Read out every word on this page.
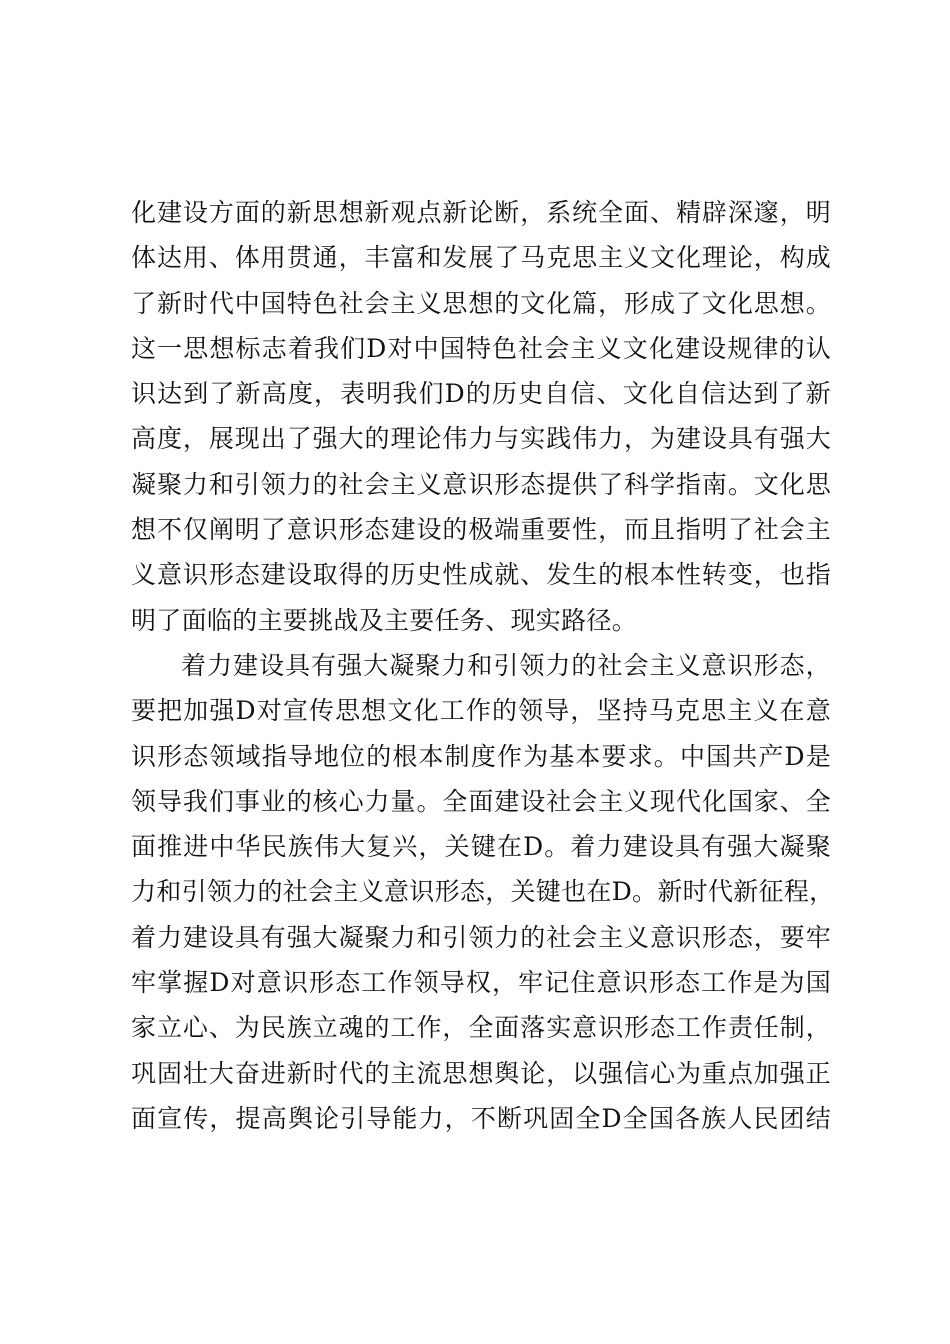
化建设方面的新思想新观点新论断，系统全面、精辟深邃，明
体达用、体用贯通，丰富和发展了马克思主义文化理论，构成
了新时代中国特色社会主义思想的文化篇，形成了文化思想。
这一思想标志着我们D对中国特色社会主义文化建设规律的认
识达到了新高度，表明我们D的历史自信、文化自信达到了新
高度，展现出了强大的理论伟力与实践伟力，为建设具有强大
凝聚力和引领力的社会主义意识形态提供了科学指南。文化思
想不仅阐明了意识形态建设的极端重要性，而且指明了社会主
义意识形态建设取得的历史性成就、发生的根本性转变，也指
明了面临的主要挑战及主要任务、现实路径。
着力建设具有强大凝聚力和引领力的社会主义意识形态，
要把加强D对宣传思想文化工作的领导，坚持马克思主义在意
识形态领域指导地位的根本制度作为基本要求。中国共产D是
领导我们事业的核心力量。全面建设社会主义现代化国家、全
面推进中华民族伟大复兴，关键在D。着力建设具有强大凝聚
力和引领力的社会主义意识形态，关键也在D。新时代新征程，
着力建设具有强大凝聚力和引领力的社会主义意识形态，要牢
牢掌握D对意识形态工作领导权，牢记住意识形态工作是为国
家立心、为民族立魂的工作，全面落实意识形态工作责任制，
巩固壮大奋进新时代的主流思想舆论，以强信心为重点加强正
面宣传，提高舆论引导能力，不断巩固全D全国各族人民团结
